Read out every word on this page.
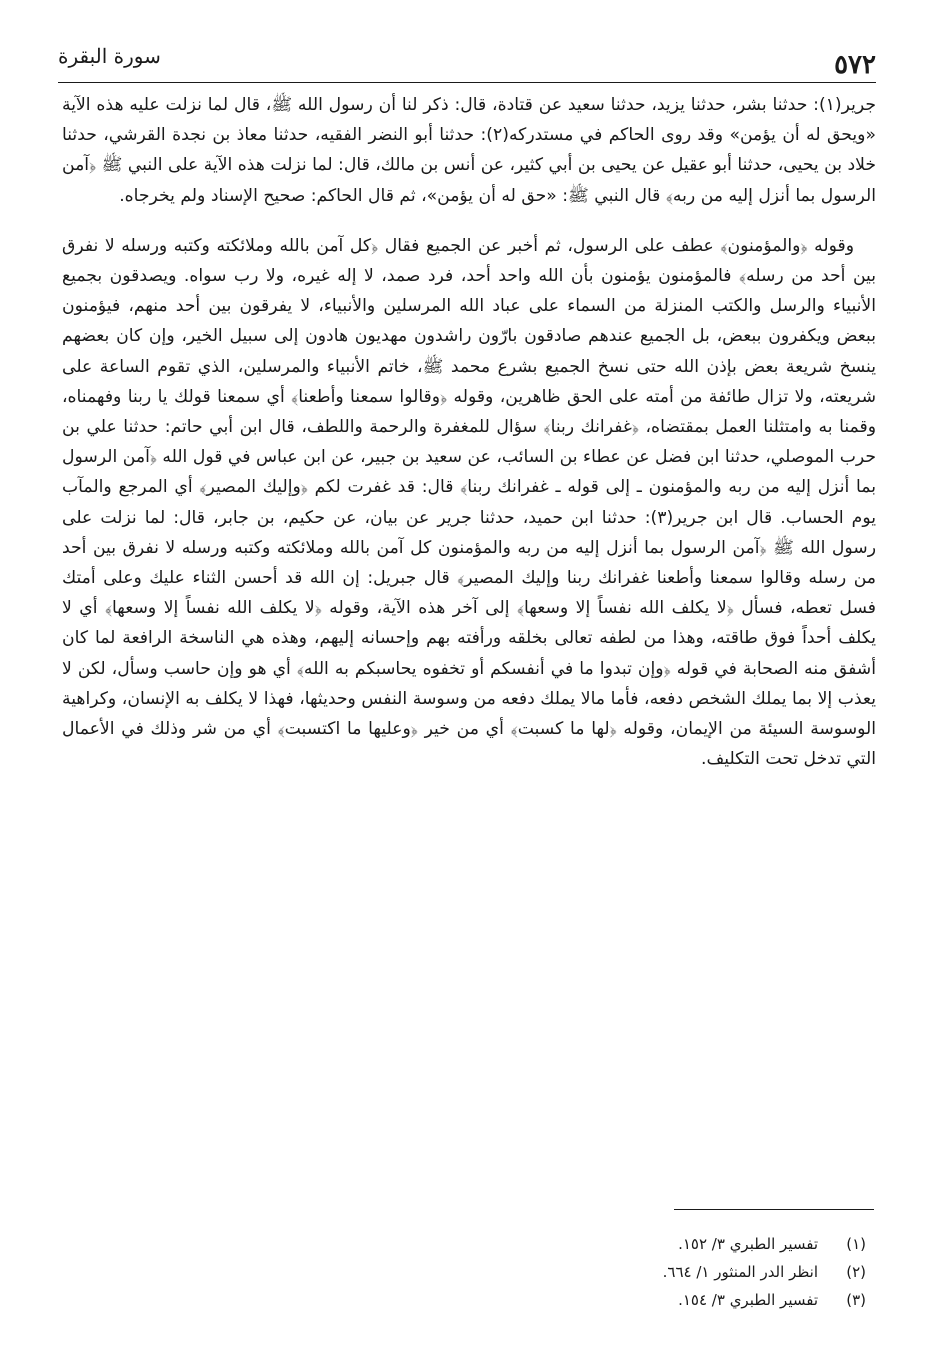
سورة البقرة	٥٧٢

جرير(١): حدثنا بشر، حدثنا يزيد، حدثنا سعيد عن قتادة، قال: ذكر لنا أن رسول الله ﷺ، قال لما نزلت عليه هذه الآية «ويحق له أن يؤمن» وقد روى الحاكم في مستدركه(٢): حدثنا أبو النضر الفقيه، حدثنا معاذ بن نجدة القرشي، حدثنا خلاد بن يحيى، حدثنا أبو عقيل عن يحيى بن أبي كثير، عن أنس بن مالك، قال: لما نزلت هذه الآية على النبي ﷺ ﴿آمن الرسول بما أنزل إليه من ربه﴾ قال النبي ﷺ: «حق له أن يؤمن»، ثم قال الحاكم: صحيح الإسناد ولم يخرجاه.

وقوله ﴿والمؤمنون﴾ عطف على الرسول، ثم أخبر عن الجميع فقال ﴿كل آمن بالله وملائكته وكتبه ورسله لا نفرق بين أحد من رسله﴾ فالمؤمنون يؤمنون بأن الله واحد أحد، فرد صمد، لا إله غيره، ولا رب سواه. ويصدقون بجميع الأنبياء والرسل والكتب المنزلة من السماء على عباد الله المرسلين والأنبياء، لا يفرقون بين أحد منهم، فيؤمنون ببعض ويكفرون ببعض، بل الجميع عندهم صادقون بارّون راشدون مهديون هادون إلى سبيل الخير، وإن كان بعضهم ينسخ شريعة بعض بإذن الله حتى نسخ الجميع بشرع محمد ﷺ، خاتم الأنبياء والمرسلين، الذي تقوم الساعة على شريعته، ولا تزال طائفة من أمته على الحق ظاهرين، وقوله ﴿وقالوا سمعنا وأطعنا﴾ أي سمعنا قولك يا ربنا وفهمناه، وقمنا به وامتثلنا العمل بمقتضاه، ﴿غفرانك ربنا﴾ سؤال للمغفرة والرحمة واللطف، قال ابن أبي حاتم: حدثنا علي بن حرب الموصلي، حدثنا ابن فضل عن عطاء بن السائب، عن سعيد بن جبير، عن ابن عباس في قول الله ﴿آمن الرسول بما أنزل إليه من ربه والمؤمنون ـ إلى قوله ـ غفرانك ربنا﴾ قال: قد غفرت لكم ﴿وإليك المصير﴾ أي المرجع والمآب يوم الحساب. قال ابن جرير(٣): حدثنا ابن حميد، حدثنا جرير عن بيان، عن حكيم، بن جابر، قال: لما نزلت على رسول الله ﷺ ﴿آمن الرسول بما أنزل إليه من ربه والمؤمنون كل آمن بالله وملائكته وكتبه ورسله لا نفرق بين أحد من رسله وقالوا سمعنا وأطعنا غفرانك ربنا وإليك المصير﴾ قال جبريل: إن الله قد أحسن الثناء عليك وعلى أمتك فسل تعطه، فسأل ﴿لا يكلف الله نفساً إلا وسعها﴾ إلى آخر هذه الآية، وقوله ﴿لا يكلف الله نفساً إلا وسعها﴾ أي لا يكلف أحداً فوق طاقته، وهذا من لطفه تعالى بخلقه ورأفته بهم وإحسانه إليهم، وهذه هي الناسخة الرافعة لما كان أشفق منه الصحابة في قوله ﴿وإن تبدوا ما في أنفسكم أو تخفوه يحاسبكم به الله﴾ أي هو وإن حاسب وسأل، لكن لا يعذب إلا بما يملك الشخص دفعه، فأما مالا يملك دفعه من وسوسة النفس وحديثها، فهذا لا يكلف به الإنسان، وكراهية الوسوسة السيئة من الإيمان، وقوله ﴿لها ما كسبت﴾ أي من خير ﴿وعليها ما اكتسبت﴾ أي من شر وذلك في الأعمال التي تدخل تحت التكليف.

(١)
تفسير الطبري ٣/ ١٥٢.
(٢)
انظر الدر المنثور ١/ ٦٦٤.
(٣)
تفسير الطبري ٣/ ١٥٤.
